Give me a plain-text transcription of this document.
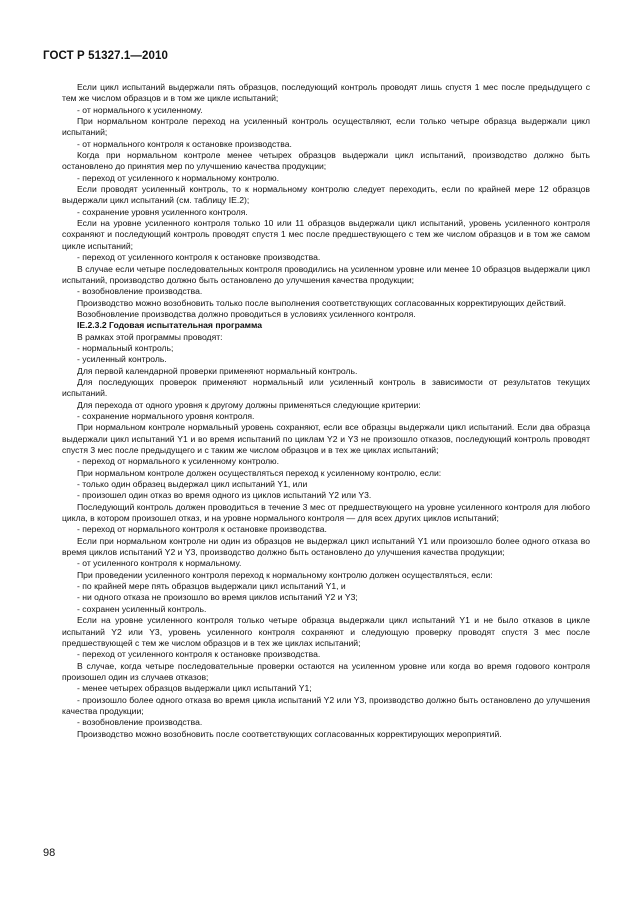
ГОСТ Р 51327.1—2010

Если цикл испытаний выдержали пять образцов, последующий контроль проводят лишь спустя 1 мес после предыдущего с тем же числом образцов и в том же цикле испытаний;

- от нормального к усиленному.

При нормальном контроле переход на усиленный контроль осуществляют, если только четыре образца выдержали цикл испытаний;

- от нормального контроля к остановке производства.

Когда при нормальном контроле менее четырех образцов выдержали цикл испытаний, производство должно быть остановлено до принятия мер по улучшению качества продукции;

- переход от усиленного к нормальному контролю.

Если проводят усиленный контроль, то к нормальному контролю следует переходить, если по крайней мере 12 образцов выдержали цикл испытаний (см. таблицу IE.2);

- сохранение уровня усиленного контроля.

Если на уровне усиленного контроля только 10 или 11 образцов выдержали цикл испытаний, уровень усиленного контроля сохраняют и последующий контроль проводят спустя 1 мес после предшествующего с тем же числом образцов и в том же самом цикле испытаний;

- переход от усиленного контроля к остановке производства.

В случае если четыре последовательных контроля проводились на усиленном уровне или менее 10 образцов выдержали цикл испытаний, производство должно быть остановлено до улучшения качества продукции;

- возобновление производства.

Производство можно возобновить только после выполнения соответствующих согласованных корректирующих действий.

Возобновление производства должно проводиться в условиях усиленного контроля.

IE.2.3.2 Годовая испытательная программа

В рамках этой программы проводят:

- нормальный контроль;

- усиленный контроль.

Для первой календарной проверки применяют нормальный контроль.

Для последующих проверок применяют нормальный или усиленный контроль в зависимости от результатов текущих испытаний.

Для перехода от одного уровня к другому должны применяться следующие критерии:

- сохранение нормального уровня контроля.

При нормальном контроле нормальный уровень сохраняют, если все образцы выдержали цикл испытаний. Если два образца выдержали цикл испытаний Y1 и во время испытаний по циклам Y2 и Y3 не произошло отказов, последующий контроль проводят спустя 3 мес после предыдущего и с таким же числом образцов и в тех же циклах испытаний;

- переход от нормального к усиленному контролю.

При нормальном контроле должен осуществляться переход к усиленному контролю, если:

- только один образец выдержал цикл испытаний Y1, или

- произошел один отказ во время одного из циклов испытаний Y2 или Y3.

Последующий контроль должен проводиться в течение 3 мес от предшествующего на уровне усиленного контроля для любого цикла, в котором произошел отказ, и на уровне нормального контроля — для всех других циклов испытаний;

- переход от нормального контроля к остановке производства.

Если при нормальном контроле ни один из образцов не выдержал цикл испытаний Y1 или произошло более одного отказа во время циклов испытаний Y2 и Y3, производство должно быть остановлено до улучшения качества продукции;

- от усиленного контроля к нормальному.

При проведении усиленного контроля переход к нормальному контролю должен осуществляться, если:

- по крайней мере пять образцов выдержали цикл испытаний Y1, и

- ни одного отказа не произошло во время циклов испытаний Y2 и Y3;

- сохранен усиленный контроль.

Если на уровне усиленного контроля только четыре образца выдержали цикл испытаний Y1 и не было отказов в цикле испытаний Y2 или Y3, уровень усиленного контроля сохраняют и следующую проверку проводят спустя 3 мес после предшествующей с тем же числом образцов и в тех же циклах испытаний;

- переход от усиленного контроля к остановке производства.

В случае, когда четыре последовательные проверки остаются на усиленном уровне или когда во время годового контроля произошел один из случаев отказов;

- менее четырех образцов выдержали цикл испытаний Y1;

- произошло более одного отказа во время цикла испытаний Y2 или Y3, производство должно быть остановлено до улучшения качества продукции;

- возобновление производства.

Производство можно возобновить после соответствующих согласованных корректирующих мероприятий.

98
